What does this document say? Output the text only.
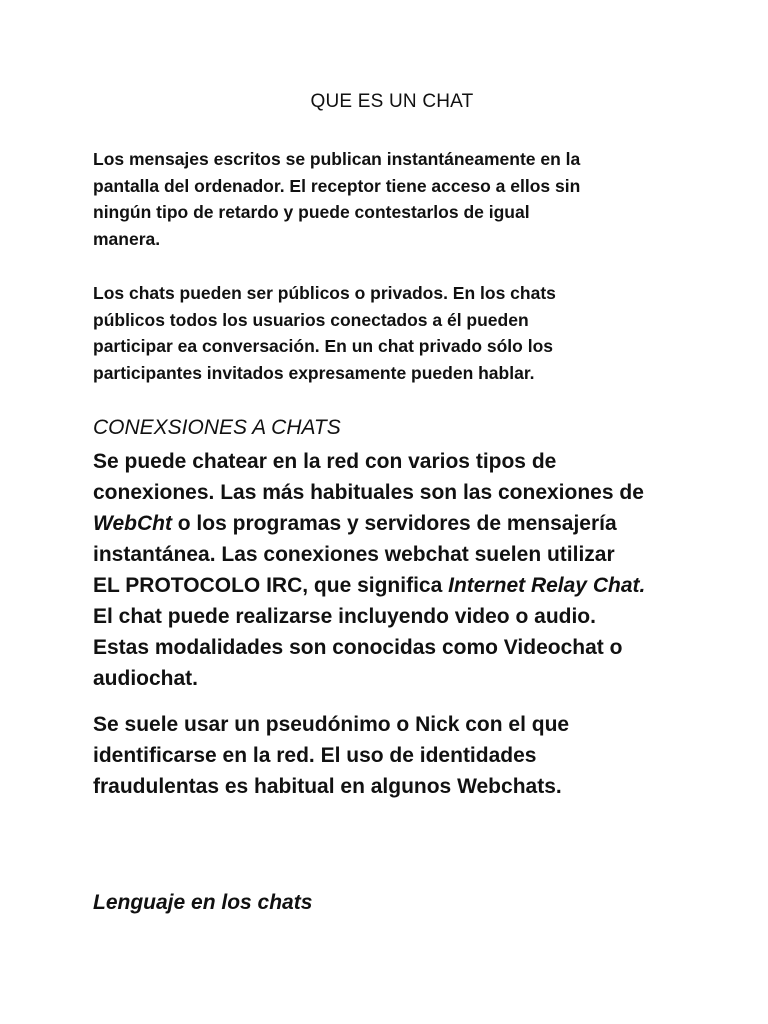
QUE ES UN CHAT

Los mensajes escritos se publican instantáneamente en la
pantalla del ordenador. El receptor tiene acceso a ellos sin
ningún tipo de retardo y puede contestarlos de igual
manera.

Los chats pueden ser públicos o privados. En los chats
públicos todos los usuarios conectados a él pueden
participar ea conversación. En un chat privado sólo los
participantes invitados expresamente pueden hablar.

CONEXSIONES A CHATS

Se puede chatear en la red con varios tipos de
conexiones. Las más habituales son las conexiones de
WebCht o los programas y servidores de mensajería
instantánea. Las conexiones webchat suelen utilizar
EL PROTOCOLO IRC, que significa Internet Relay Chat.
El chat puede realizarse incluyendo video o audio.
Estas modalidades son conocidas como Videochat o
audiochat.

Se suele usar un pseudónimo o Nick con el que
identificarse en la red. El uso de identidades
fraudulentas es habitual en algunos Webchats.

Lenguaje en los chats
